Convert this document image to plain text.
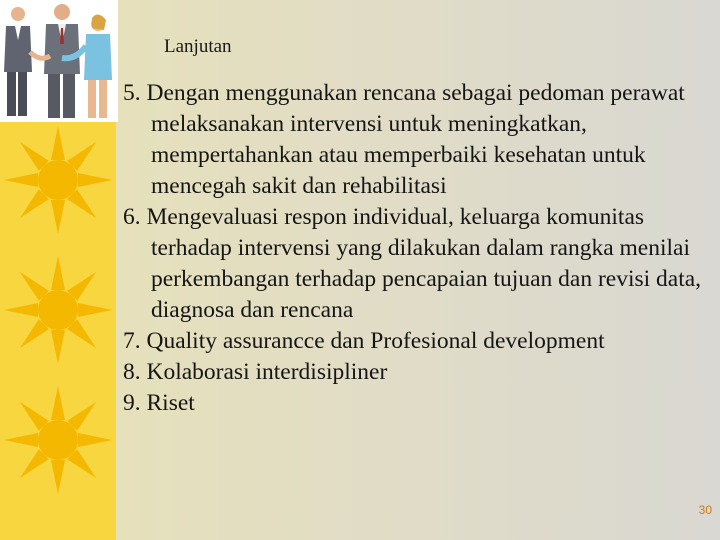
Lanjutan
5. Dengan menggunakan rencana sebagai pedoman perawat melaksanakan intervensi untuk meningkatkan, mempertahankan atau memperbaiki kesehatan untuk mencegah sakit dan rehabilitasi
6. Mengevaluasi respon individual, keluarga komunitas terhadap intervensi yang dilakukan dalam rangka menilai perkembangan terhadap pencapaian tujuan dan revisi data, diagnosa dan rencana
7. Quality assurancce dan Profesional development
8. Kolaborasi interdisipliner
9. Riset
30
